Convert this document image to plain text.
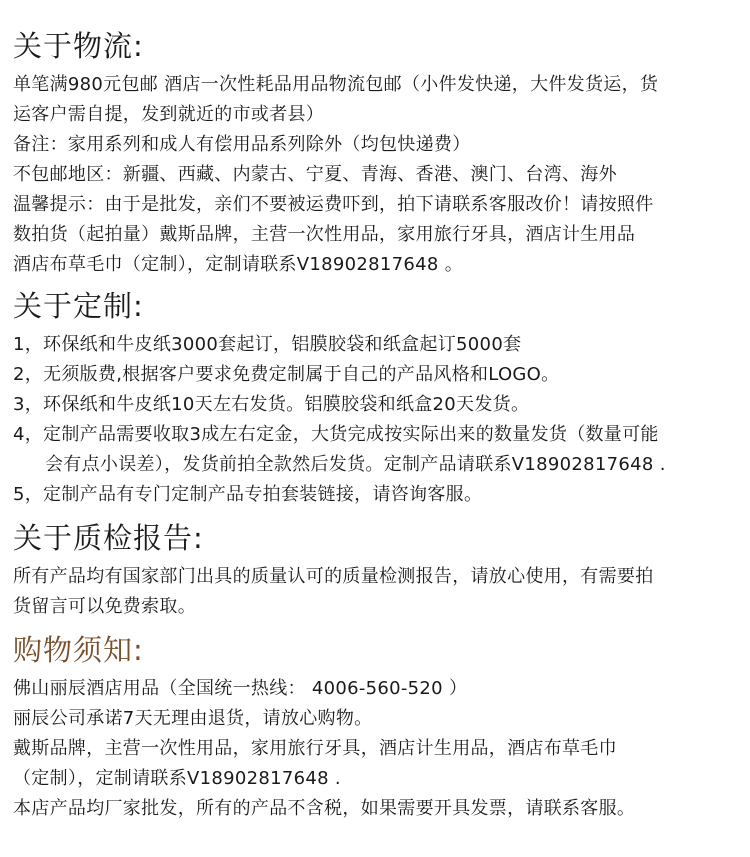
关于物流:

单笔满980元包邮 酒店一次性耗品用品物流包邮（小件发快递，大件发货运，货

运客户需自提，发到就近的市或者县）

备注：家用系列和成人有偿用品系列除外（均包快递费）

不包邮地区：新疆、西藏、内蒙古、宁夏、青海、香港、澳门、台湾、海外

温馨提示：由于是批发，亲们不要被运费吓到，拍下请联系客服改价！请按照件

数拍货（起拍量）戴斯品牌，主营一次性用品，家用旅行牙具，酒店计生用品

酒店布草毛巾（定制），定制请联系V18902817648 。

关于定制:

1，环保纸和牛皮纸3000套起订，铝膜胶袋和纸盒起订5000套

2，无须版费,根据客户要求免费定制属于自己的产品风格和LOGO。

3，环保纸和牛皮纸10天左右发货。铝膜胶袋和纸盒20天发货。

4，定制产品需要收取3成左右定金，大货完成按实际出来的数量发货（数量可能

会有点小误差），发货前拍全款然后发货。定制产品请联系V18902817648 .

5，定制产品有专门定制产品专拍套装链接，请咨询客服。

关于质检报告:

所有产品均有国家部门出具的质量认可的质量检测报告，请放心使用，有需要拍

货留言可以免费索取。

购物须知:

佛山丽辰酒店用品（全国统一热线： 4006-560-520 ）

丽辰公司承诺7天无理由退货，请放心购物。

戴斯品牌，主营一次性用品，家用旅行牙具，酒店计生用品，酒店布草毛巾

（定制），定制请联系V18902817648 .

本店产品均厂家批发，所有的产品不含税，如果需要开具发票，请联系客服。
